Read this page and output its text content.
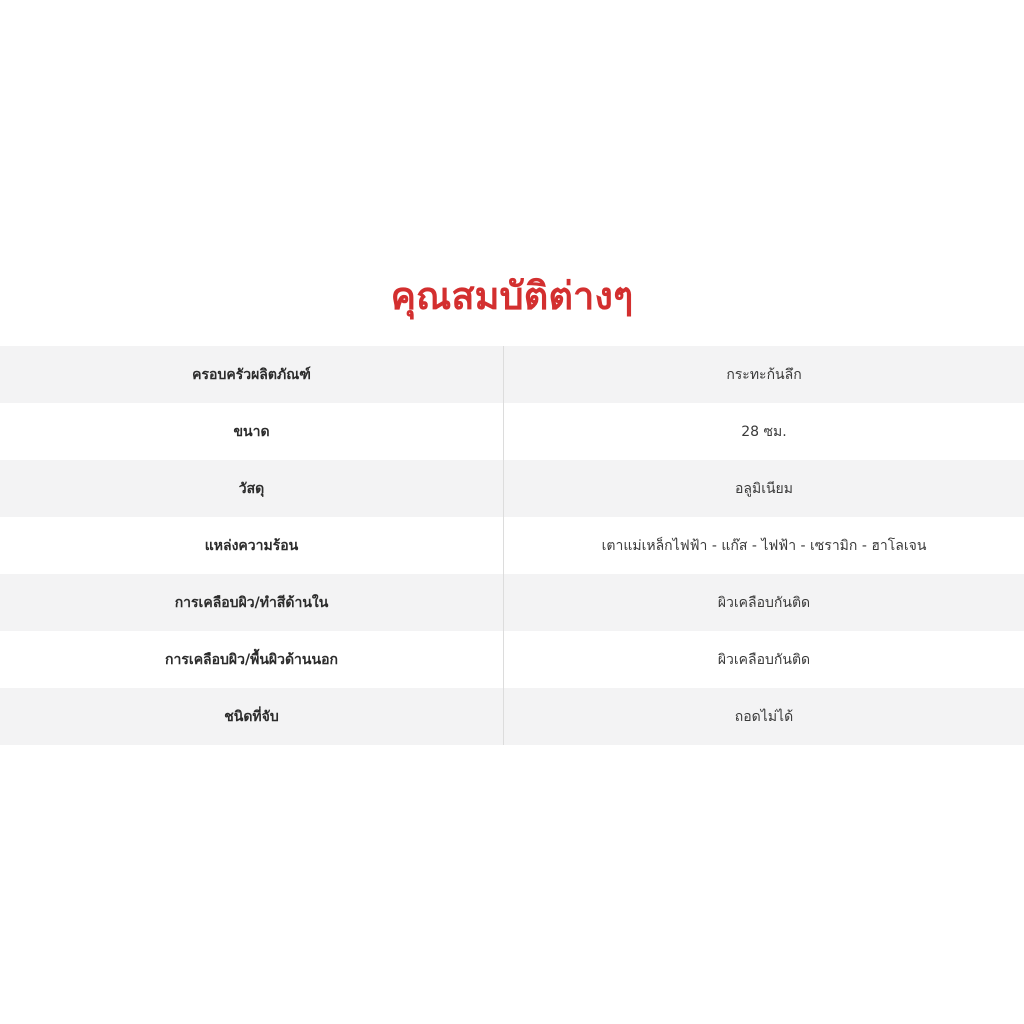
คุณสมบัติต่างๆ
ครอบครัวผลิตภัณฑ์	กระทะก้นลึก
ขนาด	28 ซม.
วัสดุ	อลูมิเนียม
แหล่งความร้อน	เตาแม่เหล็กไฟฟ้า - แก๊ส - ไฟฟ้า - เซรามิก - ฮาโลเจน
การเคลือบผิว/ทำสีด้านใน	ผิวเคลือบกันติด
การเคลือบผิว/พื้นผิวด้านนอก	ผิวเคลือบกันติด
ชนิดที่จับ	ถอดไม่ได้
